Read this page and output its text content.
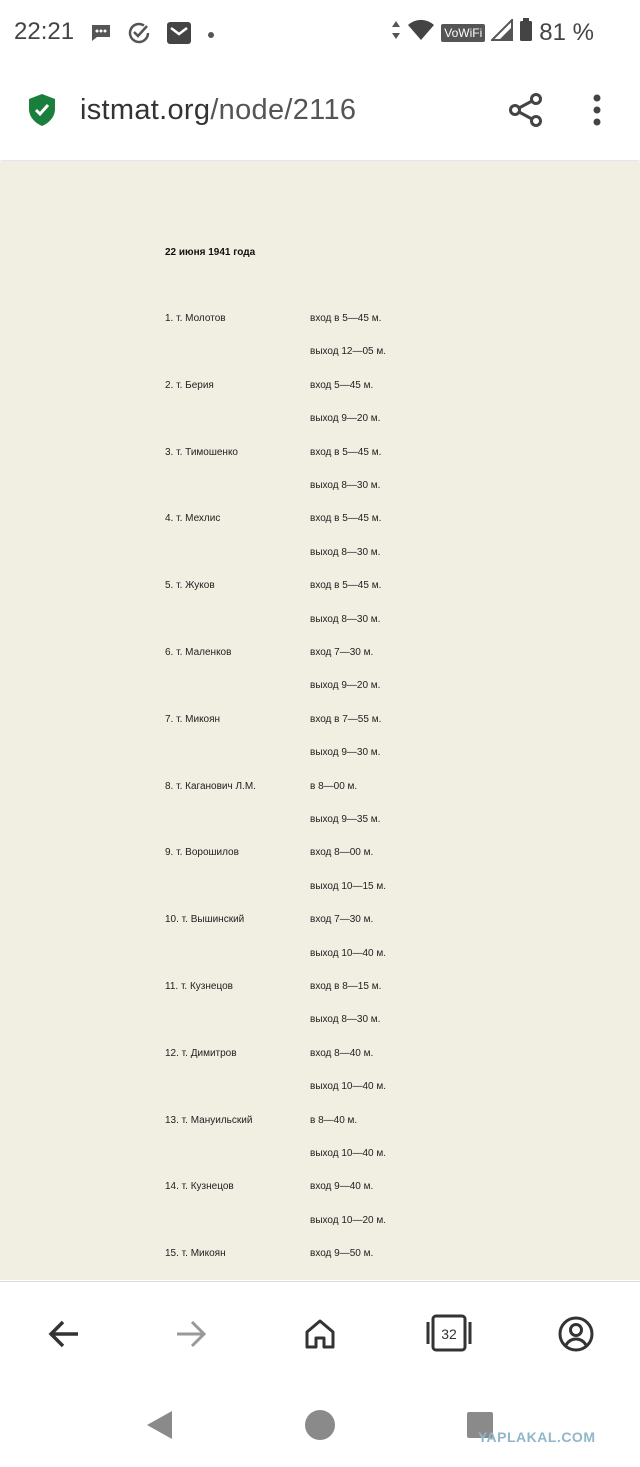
22:21	VoWiFi 81 %
istmat.org/node/2116
22 июня 1941 года
1. т. Молотов	вход в 5—45 м.
выход 12—05 м.
2. т. Берия	вход 5—45 м.
выход 9—20 м.
3. т. Тимошенко	вход в 5—45 м.
выход 8—30 м.
4. т. Мехлис	вход в 5—45 м.
выход 8—30 м.
5. т. Жуков	вход в 5—45 м.
выход 8—30 м.
6. т. Маленков	вход 7—30 м.
выход 9—20 м.
7. т. Микоян	вход в 7—55 м.
выход 9—30 м.
8. т. Каганович Л.М.	в 8—00 м.
выход 9—35 м.
9. т. Ворошилов	вход 8—00 м.
выход 10—15 м.
10. т. Вышинский	вход 7—30 м.
выход 10—40 м.
11. т. Кузнецов	вход в 8—15 м.
выход 8—30 м.
12. т. Димитров	вход 8—40 м.
выход 10—40 м.
13. т. Мануильский	в 8—40 м.
выход 10—40 м.
14. т. Кузнецов	вход 9—40 м.
выход 10—20 м.
15. т. Микоян	вход 9—50 м.
32
YAPLAKAL.COM
